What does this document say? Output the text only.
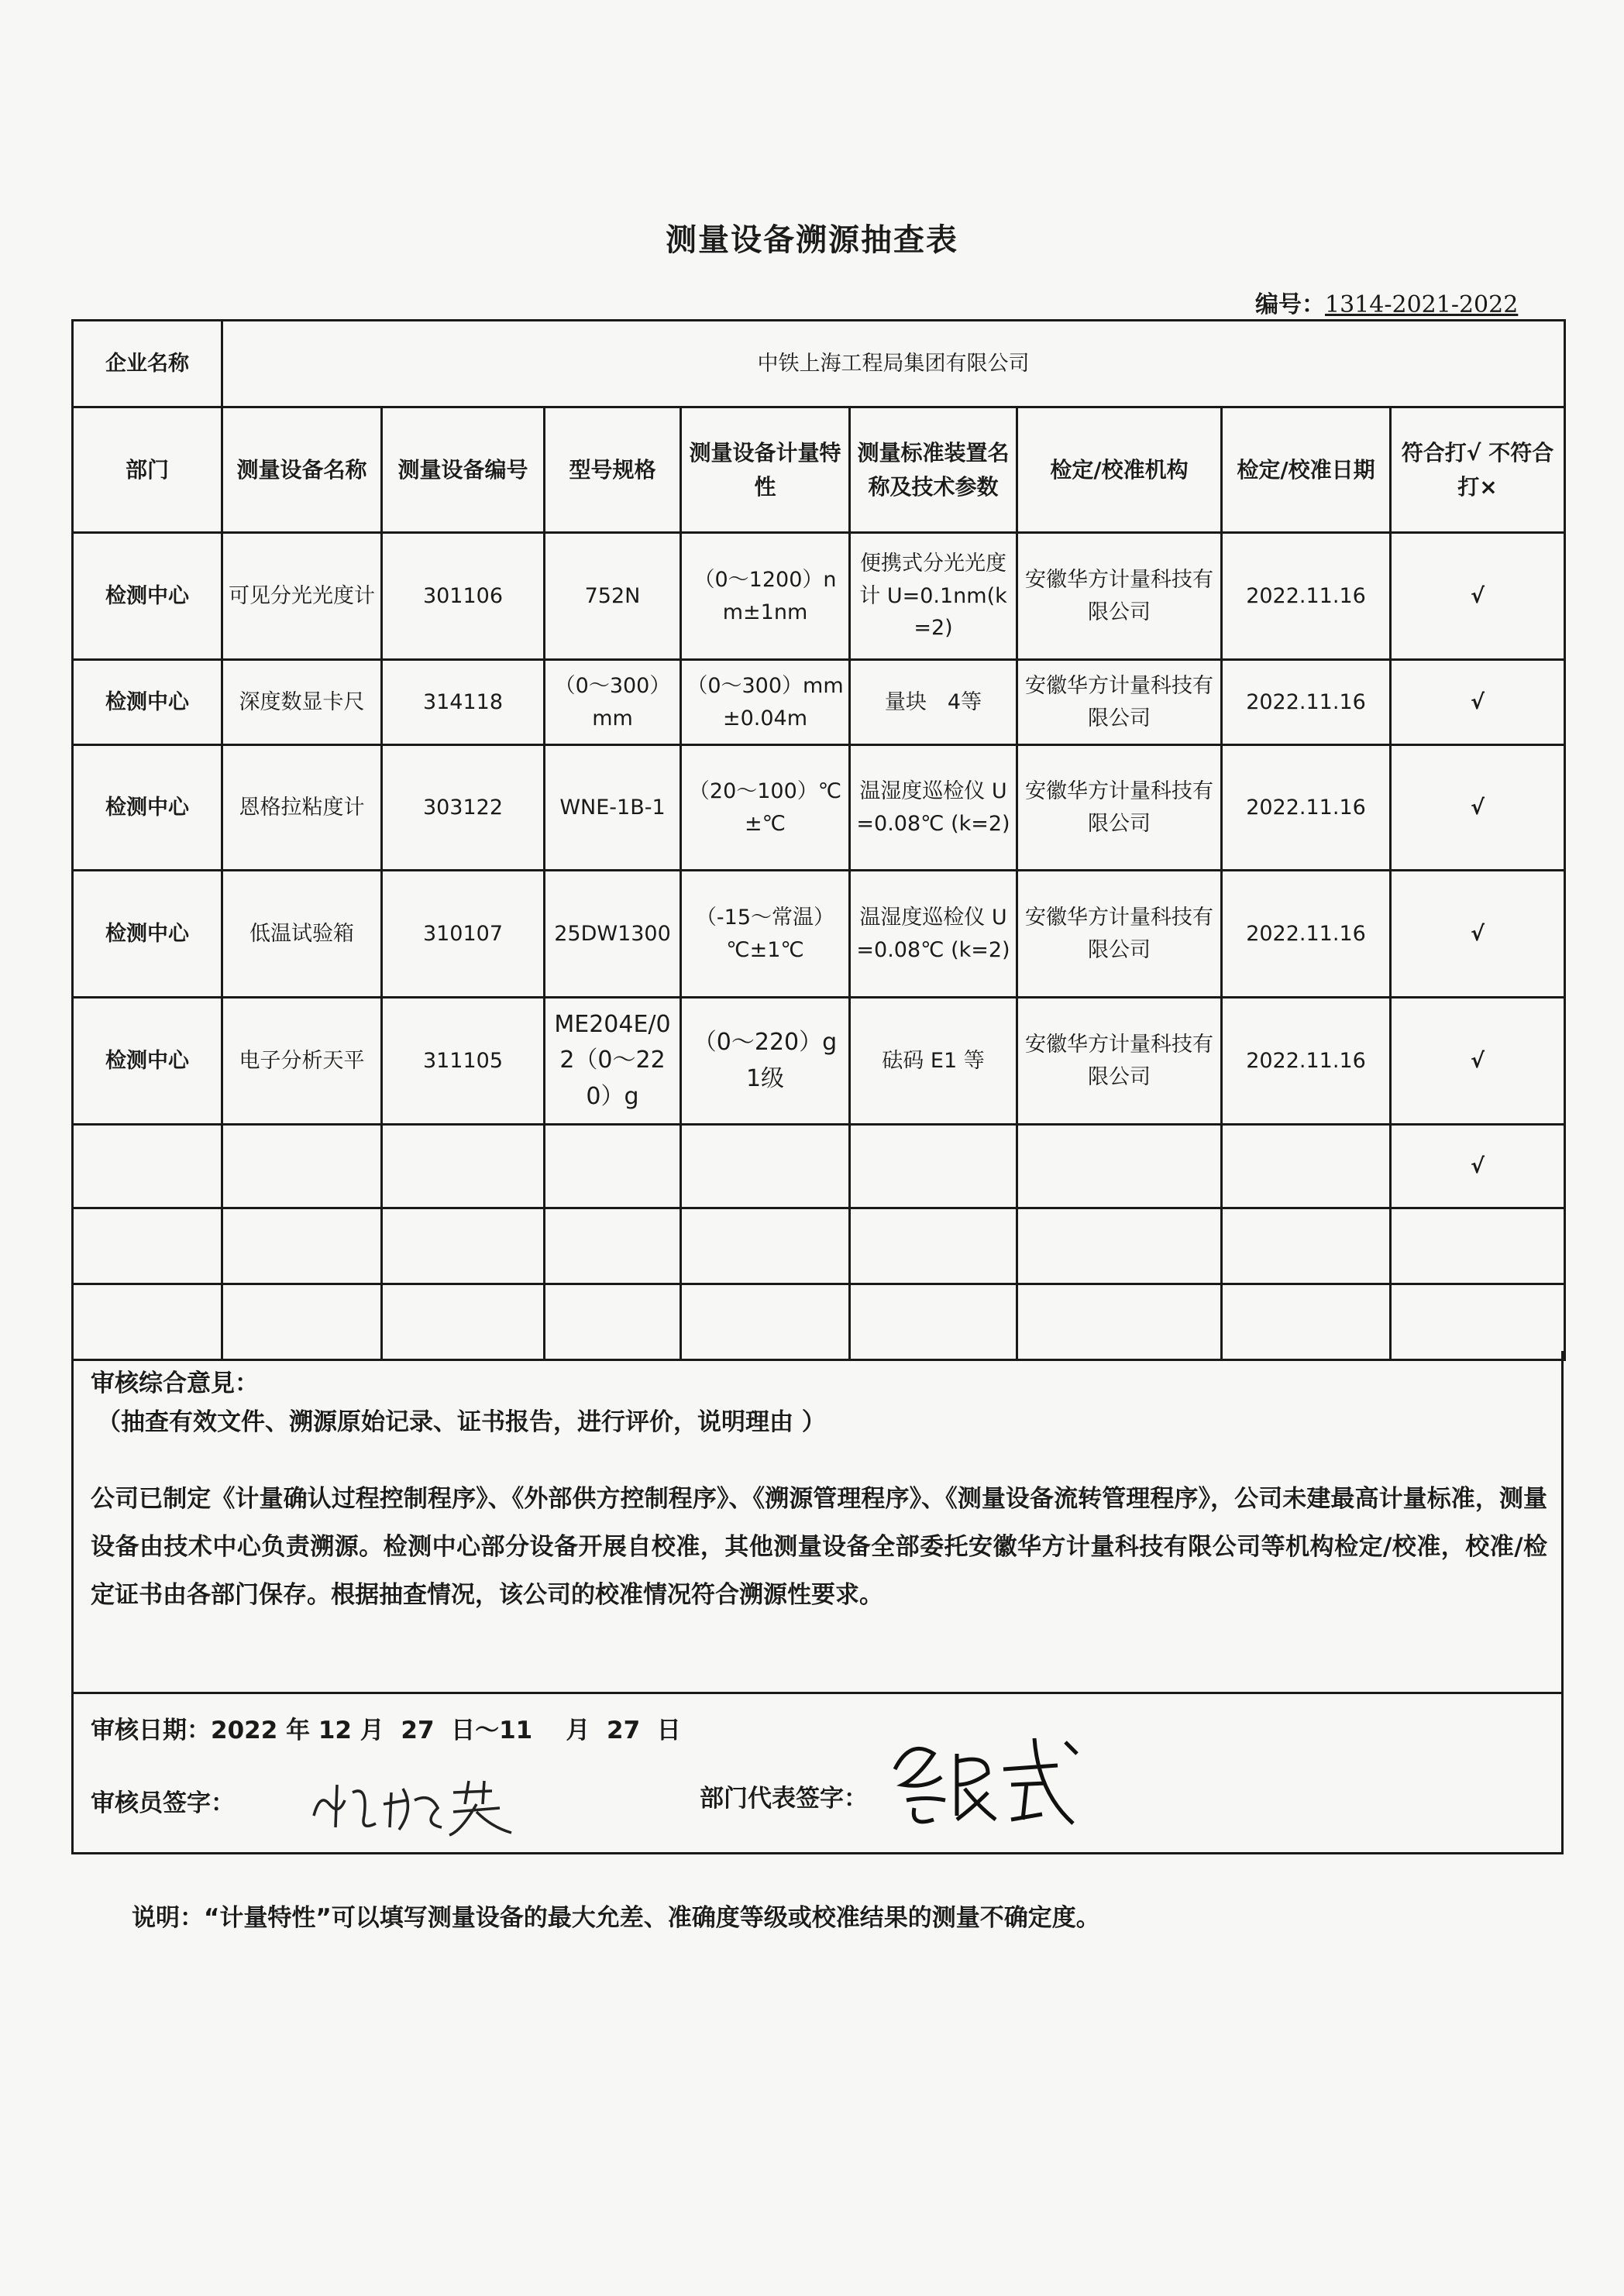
测量设备溯源抽查表
编号：1314-2021-2022
企业名称	中铁上海工程局集团有限公司							
部门	测量设备名称	测量设备编号	型号规格	测量设备计量特性	测量标准装置名称及技术参数	检定/校准机构	检定/校准日期	符合打√ 不符合打×
检测中心	可见分光光度计	301106	752N	（0～1200）nm±1nm	便携式分光光度计 U=0.1nm(k=2)	安徽华方计量科技有限公司	2022.11.16	√
检测中心	深度数显卡尺	314118	（0～300）mm	（0～300）mm±0.04m	量块　4等	安徽华方计量科技有限公司	2022.11.16	√
检测中心	恩格拉粘度计	303122	WNE-1B-1	（20～100）℃±℃	温湿度巡检仪 U=0.08℃ (k=2)	安徽华方计量科技有限公司	2022.11.16	√
检测中心	低温试验箱	310107	25DW1300	（-15～常温）℃±1℃	温湿度巡检仪 U=0.08℃ (k=2)	安徽华方计量科技有限公司	2022.11.16	√
检测中心	电子分析天平	311105	ME204E/02（0～220）g	（0～220）g 1级	砝码 E1 等	安徽华方计量科技有限公司	2022.11.16	√
								√

审核综合意見：
（抽查有效文件、溯源原始记录、证书报告，进行评价，说明理由 ）
公司已制定《计量确认过程控制程序》、《外部供方控制程序》、《溯源管理程序》、《测量设备流转管理程序》，公司未建最高计量标准，测量设备由技术中心负责溯源。检测中心部分设备开展自校准，其他测量设备全部委托安徽华方计量科技有限公司等机构检定/校准，校准/检定证书由各部门保存。根据抽查情况，该公司的校准情况符合溯源性要求。
审核日期：2022 年 12 月  27  日～11    月  27  日
审核员签字：	部门代表签字：
说明：“计量特性”可以填写测量设备的最大允差、准确度等级或校准结果的测量不确定度。
